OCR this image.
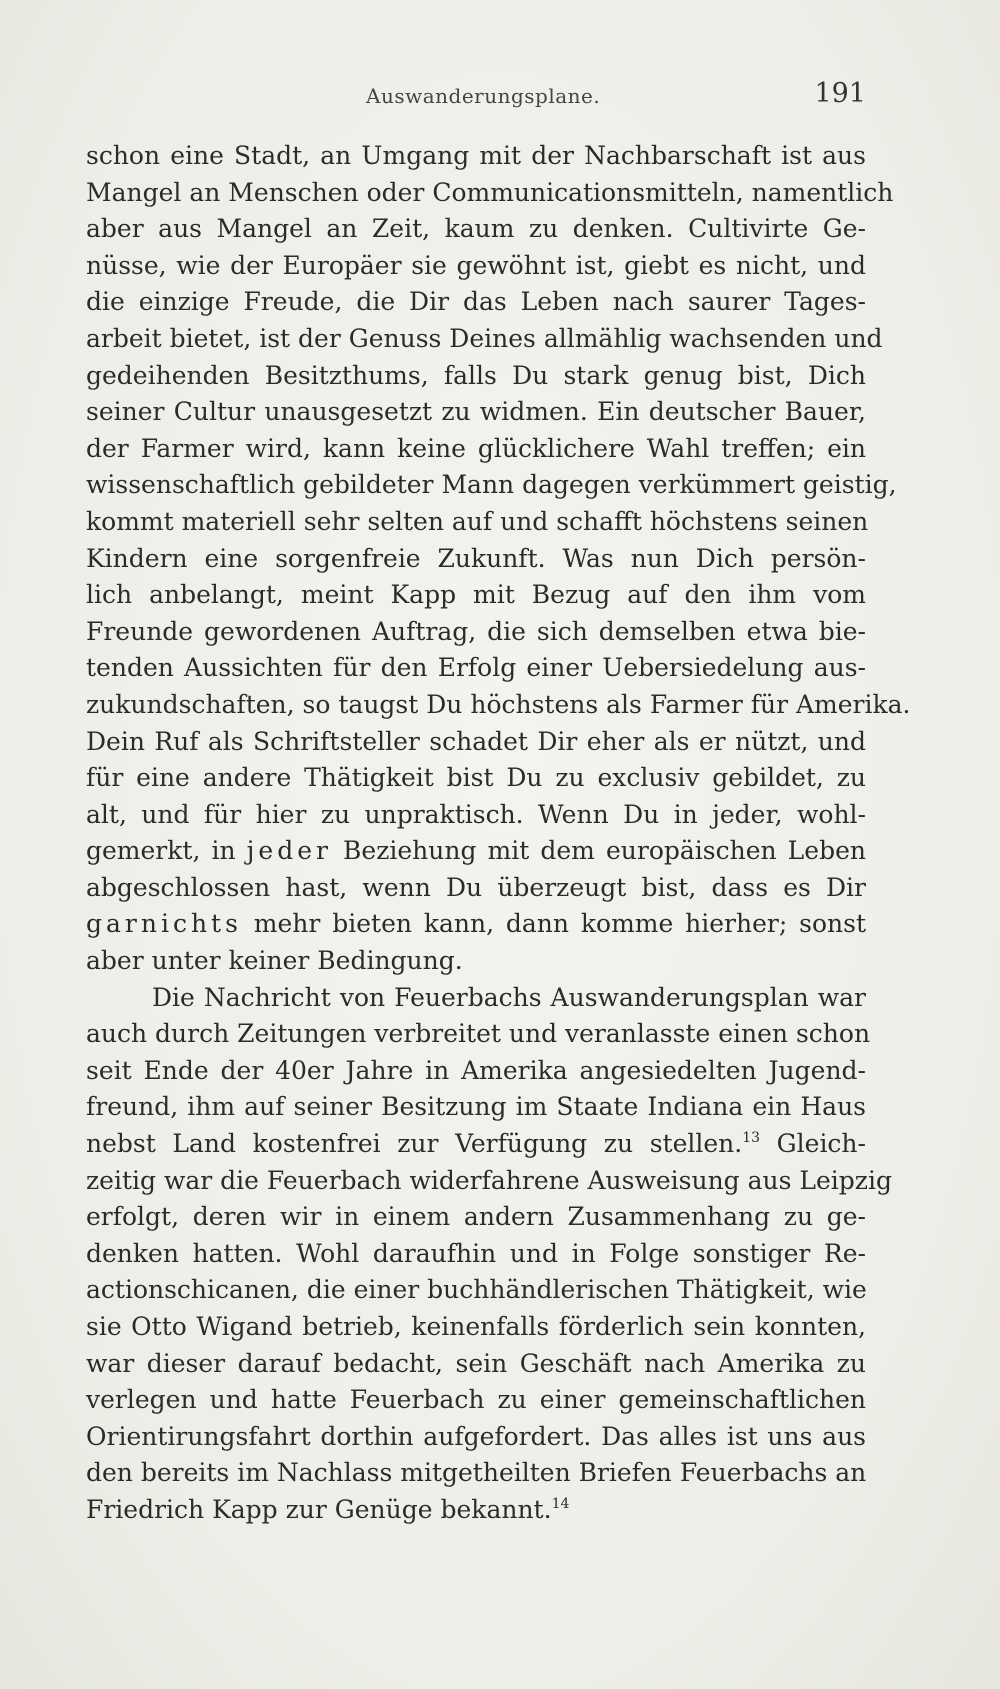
Auswanderungsplane.	191
schon eine Stadt, an Umgang mit der Nachbarschaft ist aus
Mangel an Menschen oder Communicationsmitteln, namentlich
aber aus Mangel an Zeit, kaum zu denken. Cultivirte Ge-
nüsse, wie der Europäer sie gewöhnt ist, giebt es nicht, und
die einzige Freude, die Dir das Leben nach saurer Tages-
arbeit bietet, ist der Genuss Deines allmählig wachsenden und
gedeihenden Besitzthums, falls Du stark genug bist, Dich
seiner Cultur unausgesetzt zu widmen. Ein deutscher Bauer,
der Farmer wird, kann keine glücklichere Wahl treffen; ein
wissenschaftlich gebildeter Mann dagegen verkümmert geistig,
kommt materiell sehr selten auf und schafft höchstens seinen
Kindern eine sorgenfreie Zukunft. Was nun Dich persön-
lich anbelangt, meint Kapp mit Bezug auf den ihm vom
Freunde gewordenen Auftrag, die sich demselben etwa bie-
tenden Aussichten für den Erfolg einer Uebersiedelung aus-
zukundschaften, so taugst Du höchstens als Farmer für Amerika.
Dein Ruf als Schriftsteller schadet Dir eher als er nützt, und
für eine andere Thätigkeit bist Du zu exclusiv gebildet, zu
alt, und für hier zu unpraktisch. Wenn Du in jeder, wohl-
gemerkt, in jeder Beziehung mit dem europäischen Leben
abgeschlossen hast, wenn Du überzeugt bist, dass es Dir
garnichts mehr bieten kann, dann komme hierher; sonst
aber unter keiner Bedingung.
Die Nachricht von Feuerbachs Auswanderungsplan war
auch durch Zeitungen verbreitet und veranlasste einen schon
seit Ende der 40er Jahre in Amerika angesiedelten Jugend-
freund, ihm auf seiner Besitzung im Staate Indiana ein Haus
nebst Land kostenfrei zur Verfügung zu stellen.$^{13}$ Gleich-
zeitig war die Feuerbach widerfahrene Ausweisung aus Leipzig
erfolgt, deren wir in einem andern Zusammenhang zu ge-
denken hatten. Wohl daraufhin und in Folge sonstiger Re-
actionschicanen, die einer buchhändlerischen Thätigkeit, wie
sie Otto Wigand betrieb, keinenfalls förderlich sein konnten,
war dieser darauf bedacht, sein Geschäft nach Amerika zu
verlegen und hatte Feuerbach zu einer gemeinschaftlichen
Orientirungsfahrt dorthin aufgefordert. Das alles ist uns aus
den bereits im Nachlass mitgetheilten Briefen Feuerbachs an
Friedrich Kapp zur Genüge bekannt.$^{14}$
